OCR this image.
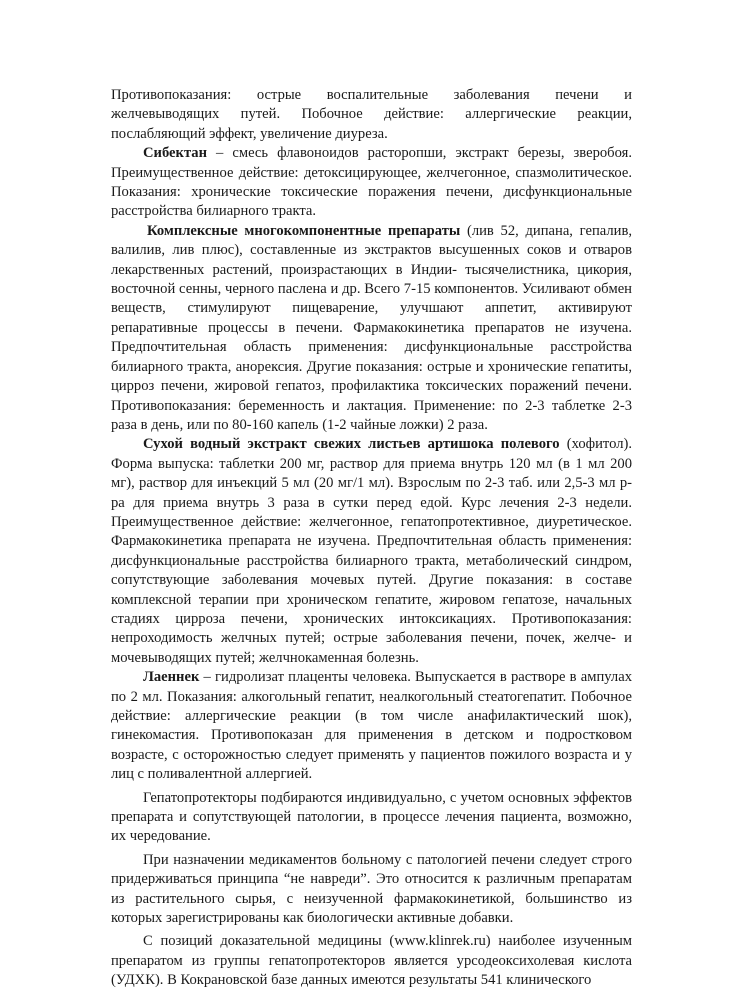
Противопоказания: острые воспалительные заболевания печени и желчевыводящих путей. Побочное действие: аллергические реакции, послабляющий эффект, увеличение диуреза.

Сибектан – смесь флавоноидов расторопши, экстракт березы, зверобоя. Преимущественное действие: детоксицирующее, желчегонное, спазмолитическое. Показания: хронические токсические поражения печени, дисфункциональные расстройства билиарного тракта.

Комплексные многокомпонентные препараты (лив 52, дипана, гепалив, валилив, лив плюс), составленные из экстрактов высушенных соков и отваров лекарственных растений, произрастающих в Индии- тысячелистника, цикория, восточной сенны, черного паслена и др. Всего 7-15 компонентов. Усиливают обмен веществ, стимулируют пищеварение, улучшают аппетит, активируют репаративные процессы в печени. Фармакокинетика препаратов не изучена. Предпочтительная область применения: дисфункциональные расстройства билиарного тракта, анорексия. Другие показания: острые и хронические гепатиты, цирроз печени, жировой гепатоз, профилактика токсических поражений печени. Противопоказания: беременность и лактация. Применение: по 2-3 таблетке 2-3 раза в день, или по 80-160 капель (1-2 чайные ложки) 2 раза.

Сухой водный экстракт свежих листьев артишока полевого (хофитол). Форма выпуска: таблетки 200 мг, раствор для приема внутрь 120 мл (в 1 мл 200 мг), раствор для инъекций 5 мл (20 мг/1 мл). Взрослым по 2-3 таб. или 2,5-3 мл р-ра для приема внутрь 3 раза в сутки перед едой. Курс лечения 2-3 недели. Преимущественное действие: желчегонное, гепатопротективное, диуретическое. Фармакокинетика препарата не изучена. Предпочтительная область применения: дисфункциональные расстройства билиарного тракта, метаболический синдром, сопутствующие заболевания мочевых путей. Другие показания: в составе комплексной терапии при хроническом гепатите, жировом гепатозе, начальных стадиях цирроза печени, хронических интоксикациях. Противопоказания: непроходимость желчных путей; острые заболевания печени, почек, желче- и мочевыводящих путей; желчнокаменная болезнь.

Лаеннек – гидролизат плаценты человека. Выпускается в растворе в ампулах по 2 мл. Показания: алкогольный гепатит, неалкогольный стеатогепатит. Побочное действие: аллергические реакции (в том числе анафилактический шок), гинекомастия. Противопоказан для применения в детском и подростковом возрасте, с осторожностью следует применять у пациентов пожилого возраста и у лиц с поливалентной аллергией.

Гепатопротекторы подбираются индивидуально, с учетом основных эффектов препарата и сопутствующей патологии, в процессе лечения пациента, возможно, их чередование.

При назначении медикаментов больному с патологией печени следует строго придерживаться принципа “не навреди”. Это относится к различным препаратам из растительного сырья, с неизученной фармакокинетикой, большинство из которых зарегистрированы как биологически активные добавки.

С позиций доказательной медицины (www.klinrek.ru) наиболее изученным препаратом из группы гепатопротекторов является урсодеоксихолевая кислота (УДХК). В Кокрановской базе данных имеются результаты 541 клинического
